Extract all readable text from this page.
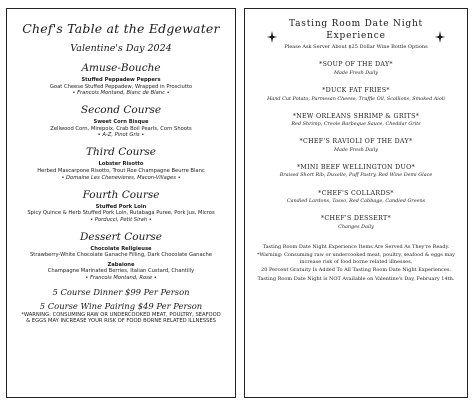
Chef's Table at the Edgewater
Valentine's Day 2024
Amuse-Bouche
Stuffed Peppadew Peppers
Goat Cheese Stuffed Peppadew, Wrapped in Prosciutto
• Francois Montand, Blanc de Blanc •
Second Course
Sweet Corn Bisque
Zellwood Corn, Mirepoix, Crab Boil Pearls, Corn Shoots
• A-Z, Pinot Gris •
Third Course
Lobster Risotto
Herbed Mascarpone Risotto, Trout Roe Champagne Beurre Blanc
• Domaine Les Chenevieres, Macon-Villages •
Fourth Course
Stuffed Pork Loin
Spicy Quince & Herb Stuffed Pork Loin, Rutabaga Puree, Pork Jus, Micros
• Porducci, Petit Sirah •
Dessert Course
Chocolate Religieuse
Strawberry-White Chocolate Ganache Filling, Dark Chocolate Ganache
Zabaione
Champagne Marinated Berries, Italian Custard, Chantilly
• Francois Montand, Rose •
5 Course Dinner $99 Per Person
5 Course Wine Pairing $49 Per Person
*WARNING: CONSUMING RAW OR UNDERCOOKED MEAT, POULTRY, SEAFOOD & EGGS MAY INCREASE YOUR RISK OF FOOD BORNE RELATED ILLNESSES
Tasting Room Date Night
Experience
Please Ask Server About $25 Dollar Wine Bottle Options
*SOUP OF THE DAY*
Made Fresh Daily
*DUCK FAT FRIES*
Hand Cut Potato, Parmesan Cheese, Truffle Oil, Scallions, Smoked Aioli
*NEW ORLEANS SHRIMP & GRITS*
Red Shrimp, Creole Barbeque Sauce, Cheddar Grits
*CHEF'S RAVIOLI OF THE DAY*
Made Fresh Daily
*MINI BEEF WELLINGTON DUO*
Braised Short Rib, Duxelle, Puff Pastry, Red Wine Demi Glace
*CHEF'S COLLARDS*
Candied Lardons, Tasso, Red Cabbage, Candied Greens
*CHEF'S DESSERT*
Changes Daily
Tasting Room Date Night Experience Items Are Served As They're Ready.
*Warning: Consuming raw or undercooked meat, poultry, seafood & eggs may increase risk of food borne related illnesses.
20 Percent Gratuity Is Added To All Tasting Room Date Night Experiences.
Tasting Room Date Night is NOT Available on Valentine's Day, February 14th.
